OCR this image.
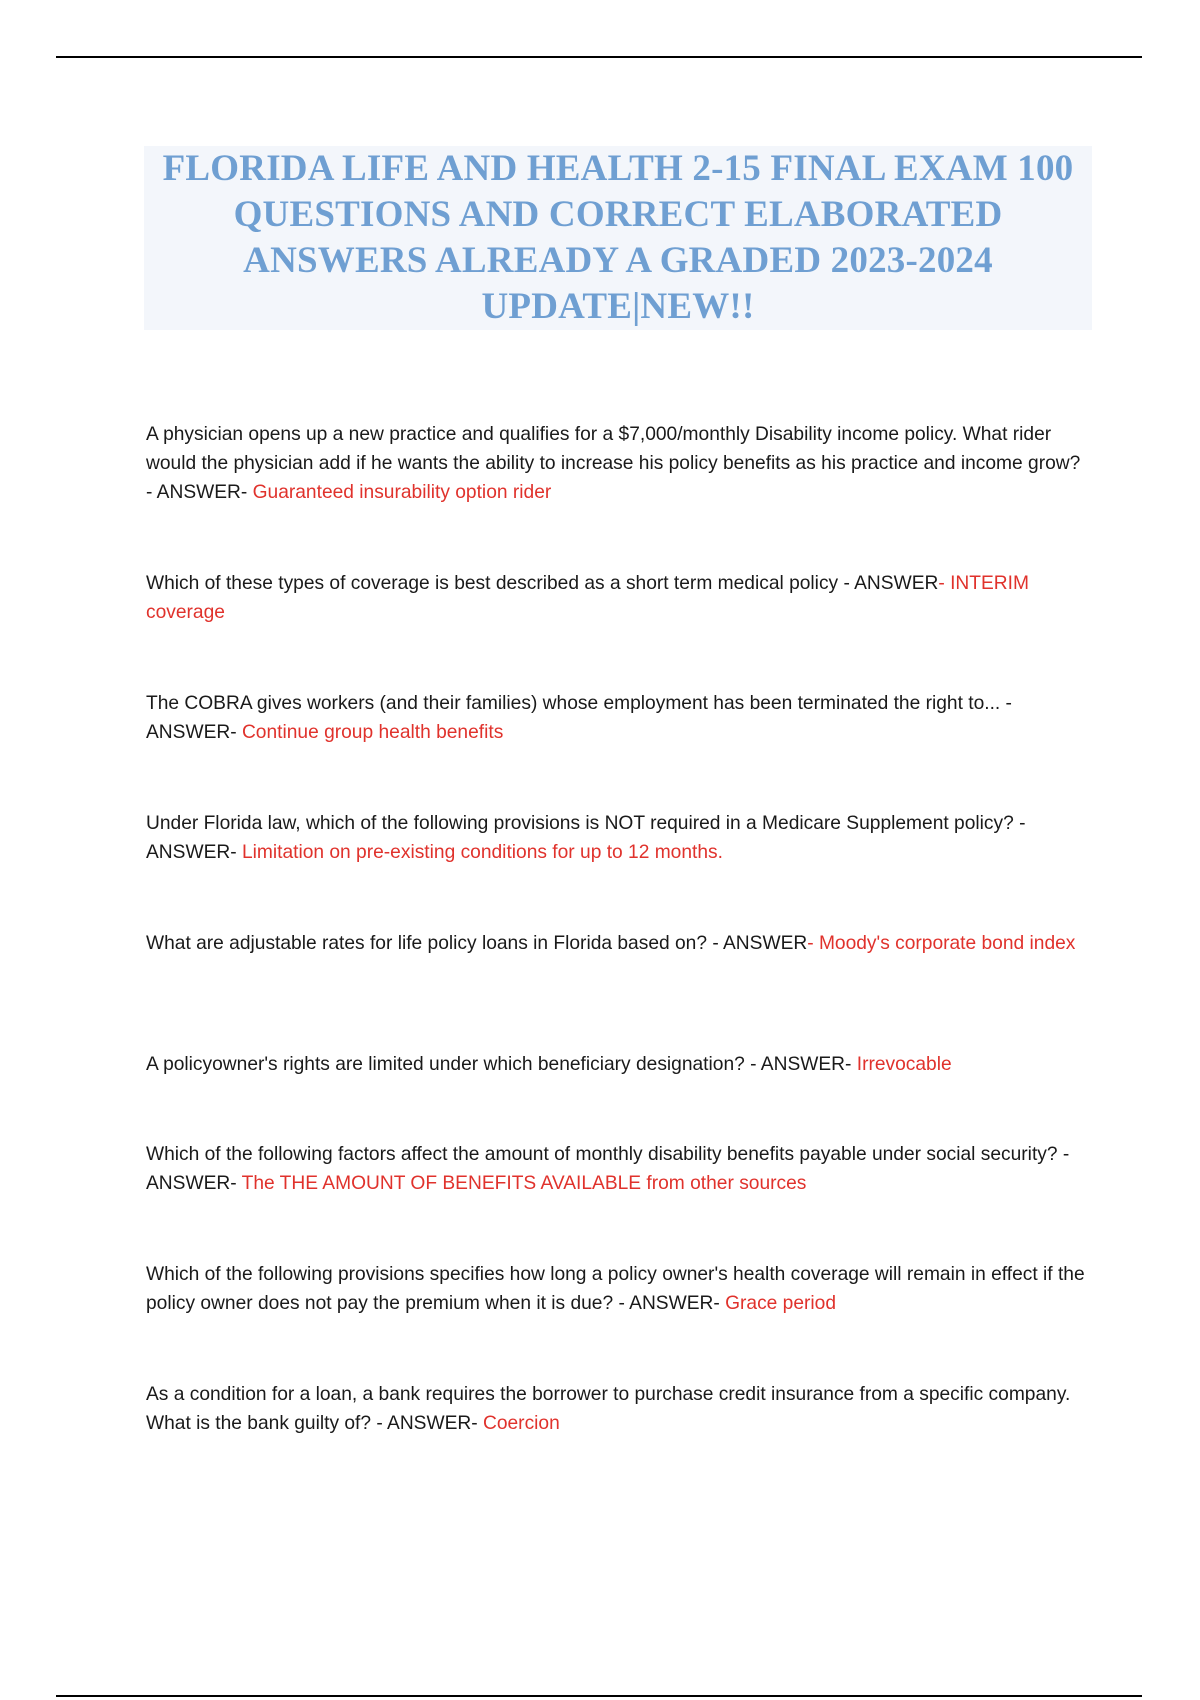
FLORIDA LIFE AND HEALTH 2-15 FINAL EXAM 100 QUESTIONS AND CORRECT ELABORATED ANSWERS ALREADY A GRADED 2023-2024 UPDATE|NEW!!

A physician opens up a new practice and qualifies for a $7,000/monthly Disability income policy. What rider would the physician add if he wants the ability to increase his policy benefits as his practice and income grow? - ANSWER- Guaranteed insurability option rider

Which of these types of coverage is best described as a short term medical policy - ANSWER- INTERIM coverage

The COBRA gives workers (and their families) whose employment has been terminated the right to... - ANSWER- Continue group health benefits

Under Florida law, which of the following provisions is NOT required in a Medicare Supplement policy? - ANSWER- Limitation on pre-existing conditions for up to 12 months.

What are adjustable rates for life policy loans in Florida based on? - ANSWER- Moody's corporate bond index

A policyowner's rights are limited under which beneficiary designation? - ANSWER- Irrevocable

Which of the following factors affect the amount of monthly disability benefits payable under social security? - ANSWER- The THE AMOUNT OF BENEFITS AVAILABLE from other sources

Which of the following provisions specifies how long a policy owner's health coverage will remain in effect if the policy owner does not pay the premium when it is due? - ANSWER- Grace period

As a condition for a loan, a bank requires the borrower to purchase credit insurance from a specific company. What is the bank guilty of? - ANSWER- Coercion
